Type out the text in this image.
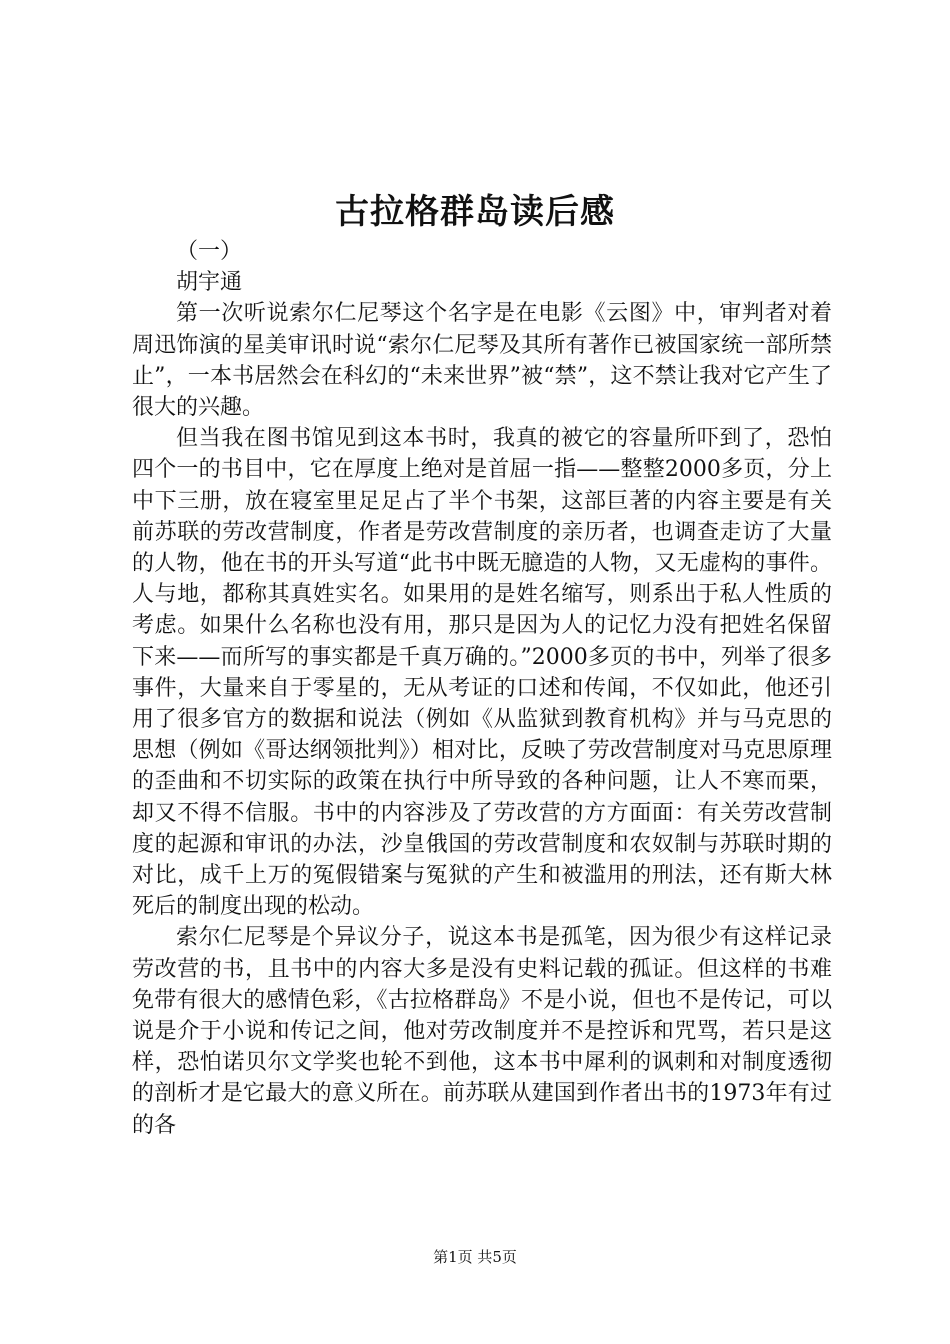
古拉格群岛读后感

（一）

胡宇通

第一次听说索尔仁尼琴这个名字是在电影《云图》中，审判者对着周迅饰演的星美审讯时说“索尔仁尼琴及其所有著作已被国家统一部所禁止”，一本书居然会在科幻的“未来世界”被“禁”，这不禁让我对它产生了很大的兴趣。

但当我在图书馆见到这本书时，我真的被它的容量所吓到了，恐怕四个一的书目中，它在厚度上绝对是首屈一指——整整2000多页，分上中下三册，放在寝室里足足占了半个书架，这部巨著的内容主要是有关前苏联的劳改营制度，作者是劳改营制度的亲历者，也调查走访了大量的人物，他在书的开头写道“此书中既无臆造的人物，又无虚构的事件。人与地，都称其真姓实名。如果用的是姓名缩写，则系出于私人性质的考虑。如果什么名称也没有用，那只是因为人的记忆力没有把姓名保留下来——而所写的事实都是千真万确的。”2000多页的书中，列举了很多事件，大量来自于零星的，无从考证的口述和传闻，不仅如此，他还引用了很多官方的数据和说法（例如《从监狱到教育机构》并与马克思的思想（例如《哥达纲领批判》）相对比，反映了劳改营制度对马克思原理的歪曲和不切实际的政策在执行中所导致的各种问题，让人不寒而栗，却又不得不信服。书中的内容涉及了劳改营的方方面面：有关劳改营制度的起源和审讯的办法，沙皇俄国的劳改营制度和农奴制与苏联时期的对比，成千上万的冤假错案与冤狱的产生和被滥用的刑法，还有斯大林死后的制度出现的松动。

索尔仁尼琴是个异议分子，说这本书是孤笔，因为很少有这样记录劳改营的书，且书中的内容大多是没有史料记载的孤证。但这样的书难免带有很大的感情色彩，《古拉格群岛》不是小说，但也不是传记，可以说是介于小说和传记之间，他对劳改制度并不是控诉和咒骂，若只是这样，恐怕诺贝尔文学奖也轮不到他，这本书中犀利的讽刺和对制度透彻的剖析才是它最大的意义所在。前苏联从建国到作者出书的1973年有过的各

第1页 共5页
